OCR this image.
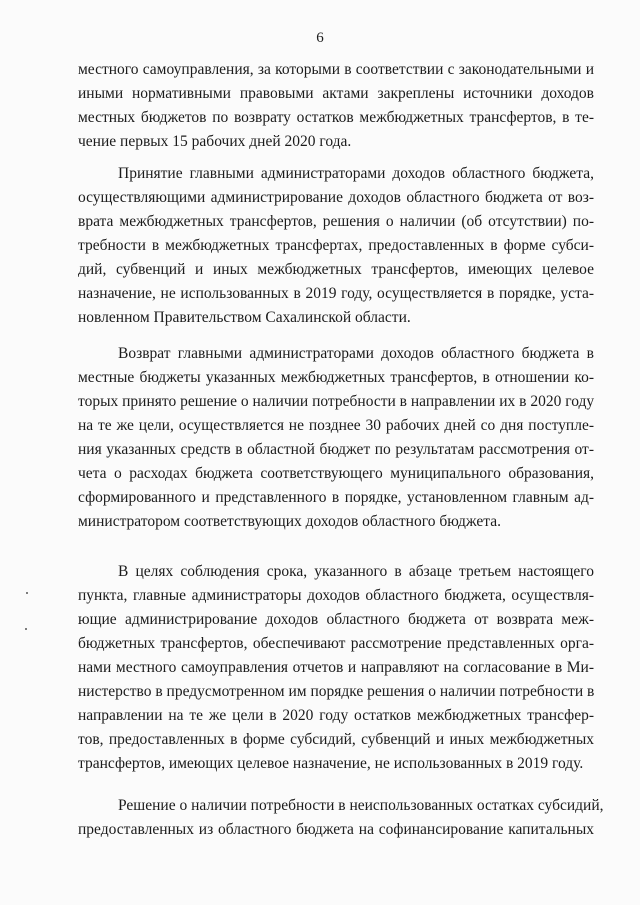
6
местного самоуправления, за которыми в соответствии с законодательными и
иными нормативными правовыми актами закреплены источники доходов
местных бюджетов по возврату остатков межбюджетных трансфертов, в те-
чение первых 15 рабочих дней 2020 года.
Принятие главными администраторами доходов областного бюджета,
осуществляющими администрирование доходов областного бюджета от воз-
врата межбюджетных трансфертов, решения о наличии (об отсутствии) по-
требности в межбюджетных трансфертах, предоставленных в форме субси-
дий, субвенций и иных межбюджетных трансфертов, имеющих целевое
назначение, не использованных в 2019 году, осуществляется в порядке, уста-
новленном Правительством Сахалинской области.
Возврат главными администраторами доходов областного бюджета в
местные бюджеты указанных межбюджетных трансфертов, в отношении ко-
торых принято решение о наличии потребности в направлении их в 2020 году
на те же цели, осуществляется не позднее 30 рабочих дней со дня поступле-
ния указанных средств в областной бюджет по результатам рассмотрения от-
чета о расходах бюджета соответствующего муниципального образования,
сформированного и представленного в порядке, установленном главным ад-
министратором соответствующих доходов областного бюджета.
В целях соблюдения срока, указанного в абзаце третьем настоящего
пункта, главные администраторы доходов областного бюджета, осуществля-
ющие администрирование доходов областного бюджета от возврата меж-
бюджетных трансфертов, обеспечивают рассмотрение представленных орга-
нами местного самоуправления отчетов и направляют на согласование в Ми-
нистерство в предусмотренном им порядке решения о наличии потребности в
направлении на те же цели в 2020 году остатков межбюджетных трансфер-
тов, предоставленных в форме субсидий, субвенций и иных межбюджетных
трансфертов, имеющих целевое назначение, не использованных в 2019 году.
Решение о наличии потребности в неиспользованных остатках субсидий,
предоставленных из областного бюджета на софинансирование капитальных
